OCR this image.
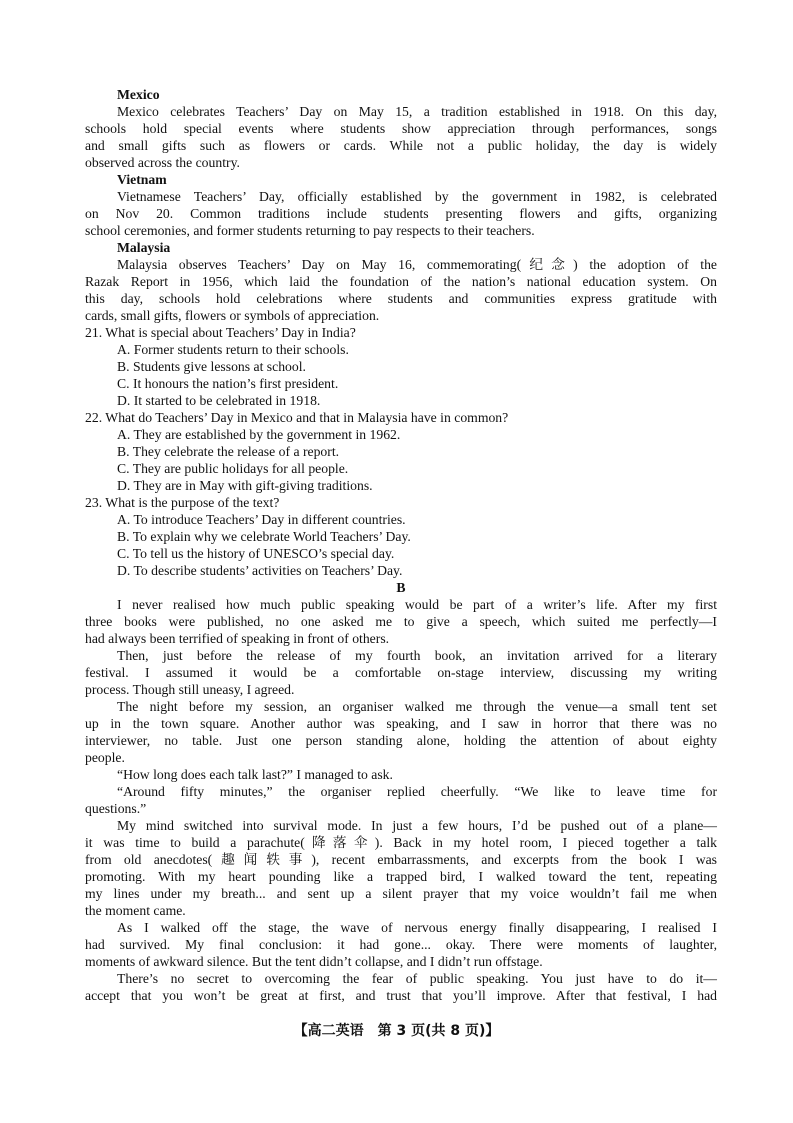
Mexico
Mexico celebrates Teachers’ Day on May 15, a tradition established in 1918. On this day,
schools hold special events where students show appreciation through performances, songs
and small gifts such as flowers or cards. While not a public holiday, the day is widely
observed across the country.
Vietnam
Vietnamese Teachers’ Day, officially established by the government in 1982, is celebrated
on Nov 20. Common traditions include students presenting flowers and gifts, organizing
school ceremonies, and former students returning to pay respects to their teachers.
Malaysia
Malaysia observes Teachers’ Day on May 16, commemorating(纪念) the adoption of the
Razak Report in 1956, which laid the foundation of the nation’s national education system. On
this day, schools hold celebrations where students and communities express gratitude with
cards, small gifts, flowers or symbols of appreciation.
21. What is special about Teachers’ Day in India?
A. Former students return to their schools.
B. Students give lessons at school.
C. It honours the nation’s first president.
D. It started to be celebrated in 1918.
22. What do Teachers’ Day in Mexico and that in Malaysia have in common?
A. They are established by the government in 1962.
B. They celebrate the release of a report.
C. They are public holidays for all people.
D. They are in May with gift-giving traditions.
23. What is the purpose of the text?
A. To introduce Teachers’ Day in different countries.
B. To explain why we celebrate World Teachers’ Day.
C. To tell us the history of UNESCO’s special day.
D. To describe students’ activities on Teachers’ Day.
B
I never realised how much public speaking would be part of a writer’s life. After my first
three books were published, no one asked me to give a speech, which suited me perfectly—I
had always been terrified of speaking in front of others.
Then, just before the release of my fourth book, an invitation arrived for a literary
festival. I assumed it would be a comfortable on-stage interview, discussing my writing
process. Though still uneasy, I agreed.
The night before my session, an organiser walked me through the venue—a small tent set
up in the town square. Another author was speaking, and I saw in horror that there was no
interviewer, no table. Just one person standing alone, holding the attention of about eighty
people.
“How long does each talk last?” I managed to ask.
“Around fifty minutes,” the organiser replied cheerfully. “We like to leave time for
questions.”
My mind switched into survival mode. In just a few hours, I’d be pushed out of a plane—
it was time to build a parachute(降落伞). Back in my hotel room, I pieced together a talk
from old anecdotes(趣闻轶事), recent embarrassments, and excerpts from the book I was
promoting. With my heart pounding like a trapped bird, I walked toward the tent, repeating
my lines under my breath... and sent up a silent prayer that my voice wouldn’t fail me when
the moment came.
As I walked off the stage, the wave of nervous energy finally disappearing, I realised I
had survived. My final conclusion: it had gone... okay. There were moments of laughter,
moments of awkward silence. But the tent didn’t collapse, and I didn’t run offstage.
There’s no secret to overcoming the fear of public speaking. You just have to do it—
accept that you won’t be great at first, and trust that you’ll improve. After that festival, I had
【高二英语　第 3 页(共 8 页)】
